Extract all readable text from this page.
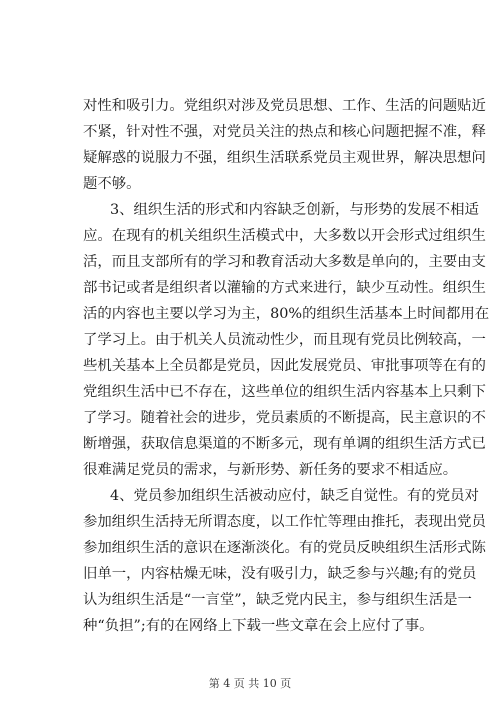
对性和吸引力。党组织对涉及党员思想、工作、生活的问题贴近
不紧，针对性不强，对党员关注的热点和核心问题把握不准，释
疑解惑的说服力不强，组织生活联系党员主观世界，解决思想问
题不够。
3、组织生活的形式和内容缺乏创新，与形势的发展不相适
应。在现有的机关组织生活模式中，大多数以开会形式过组织生
活，而且支部所有的学习和教育活动大多数是单向的，主要由支
部书记或者是组织者以灌输的方式来进行，缺少互动性。组织生
活的内容也主要以学习为主，80%的组织生活基本上时间都用在
了学习上。由于机关人员流动性少，而且现有党员比例较高，一
些机关基本上全员都是党员，因此发展党员、审批事项等在有的
党组织生活中已不存在，这些单位的组织生活内容基本上只剩下
了学习。随着社会的进步，党员素质的不断提高，民主意识的不
断增强，获取信息渠道的不断多元，现有单调的组织生活方式已
很难满足党员的需求，与新形势、新任务的要求不相适应。
4、党员参加组织生活被动应付，缺乏自觉性。有的党员对
参加组织生活持无所谓态度，以工作忙等理由推托，表现出党员
参加组织生活的意识在逐渐淡化。有的党员反映组织生活形式陈
旧单一，内容枯燥无味，没有吸引力，缺乏参与兴趣;有的党员
认为组织生活是“一言堂”，缺乏党内民主，参与组织生活是一
种“负担”;有的在网络上下载一些文章在会上应付了事。
第 4 页 共 10 页
